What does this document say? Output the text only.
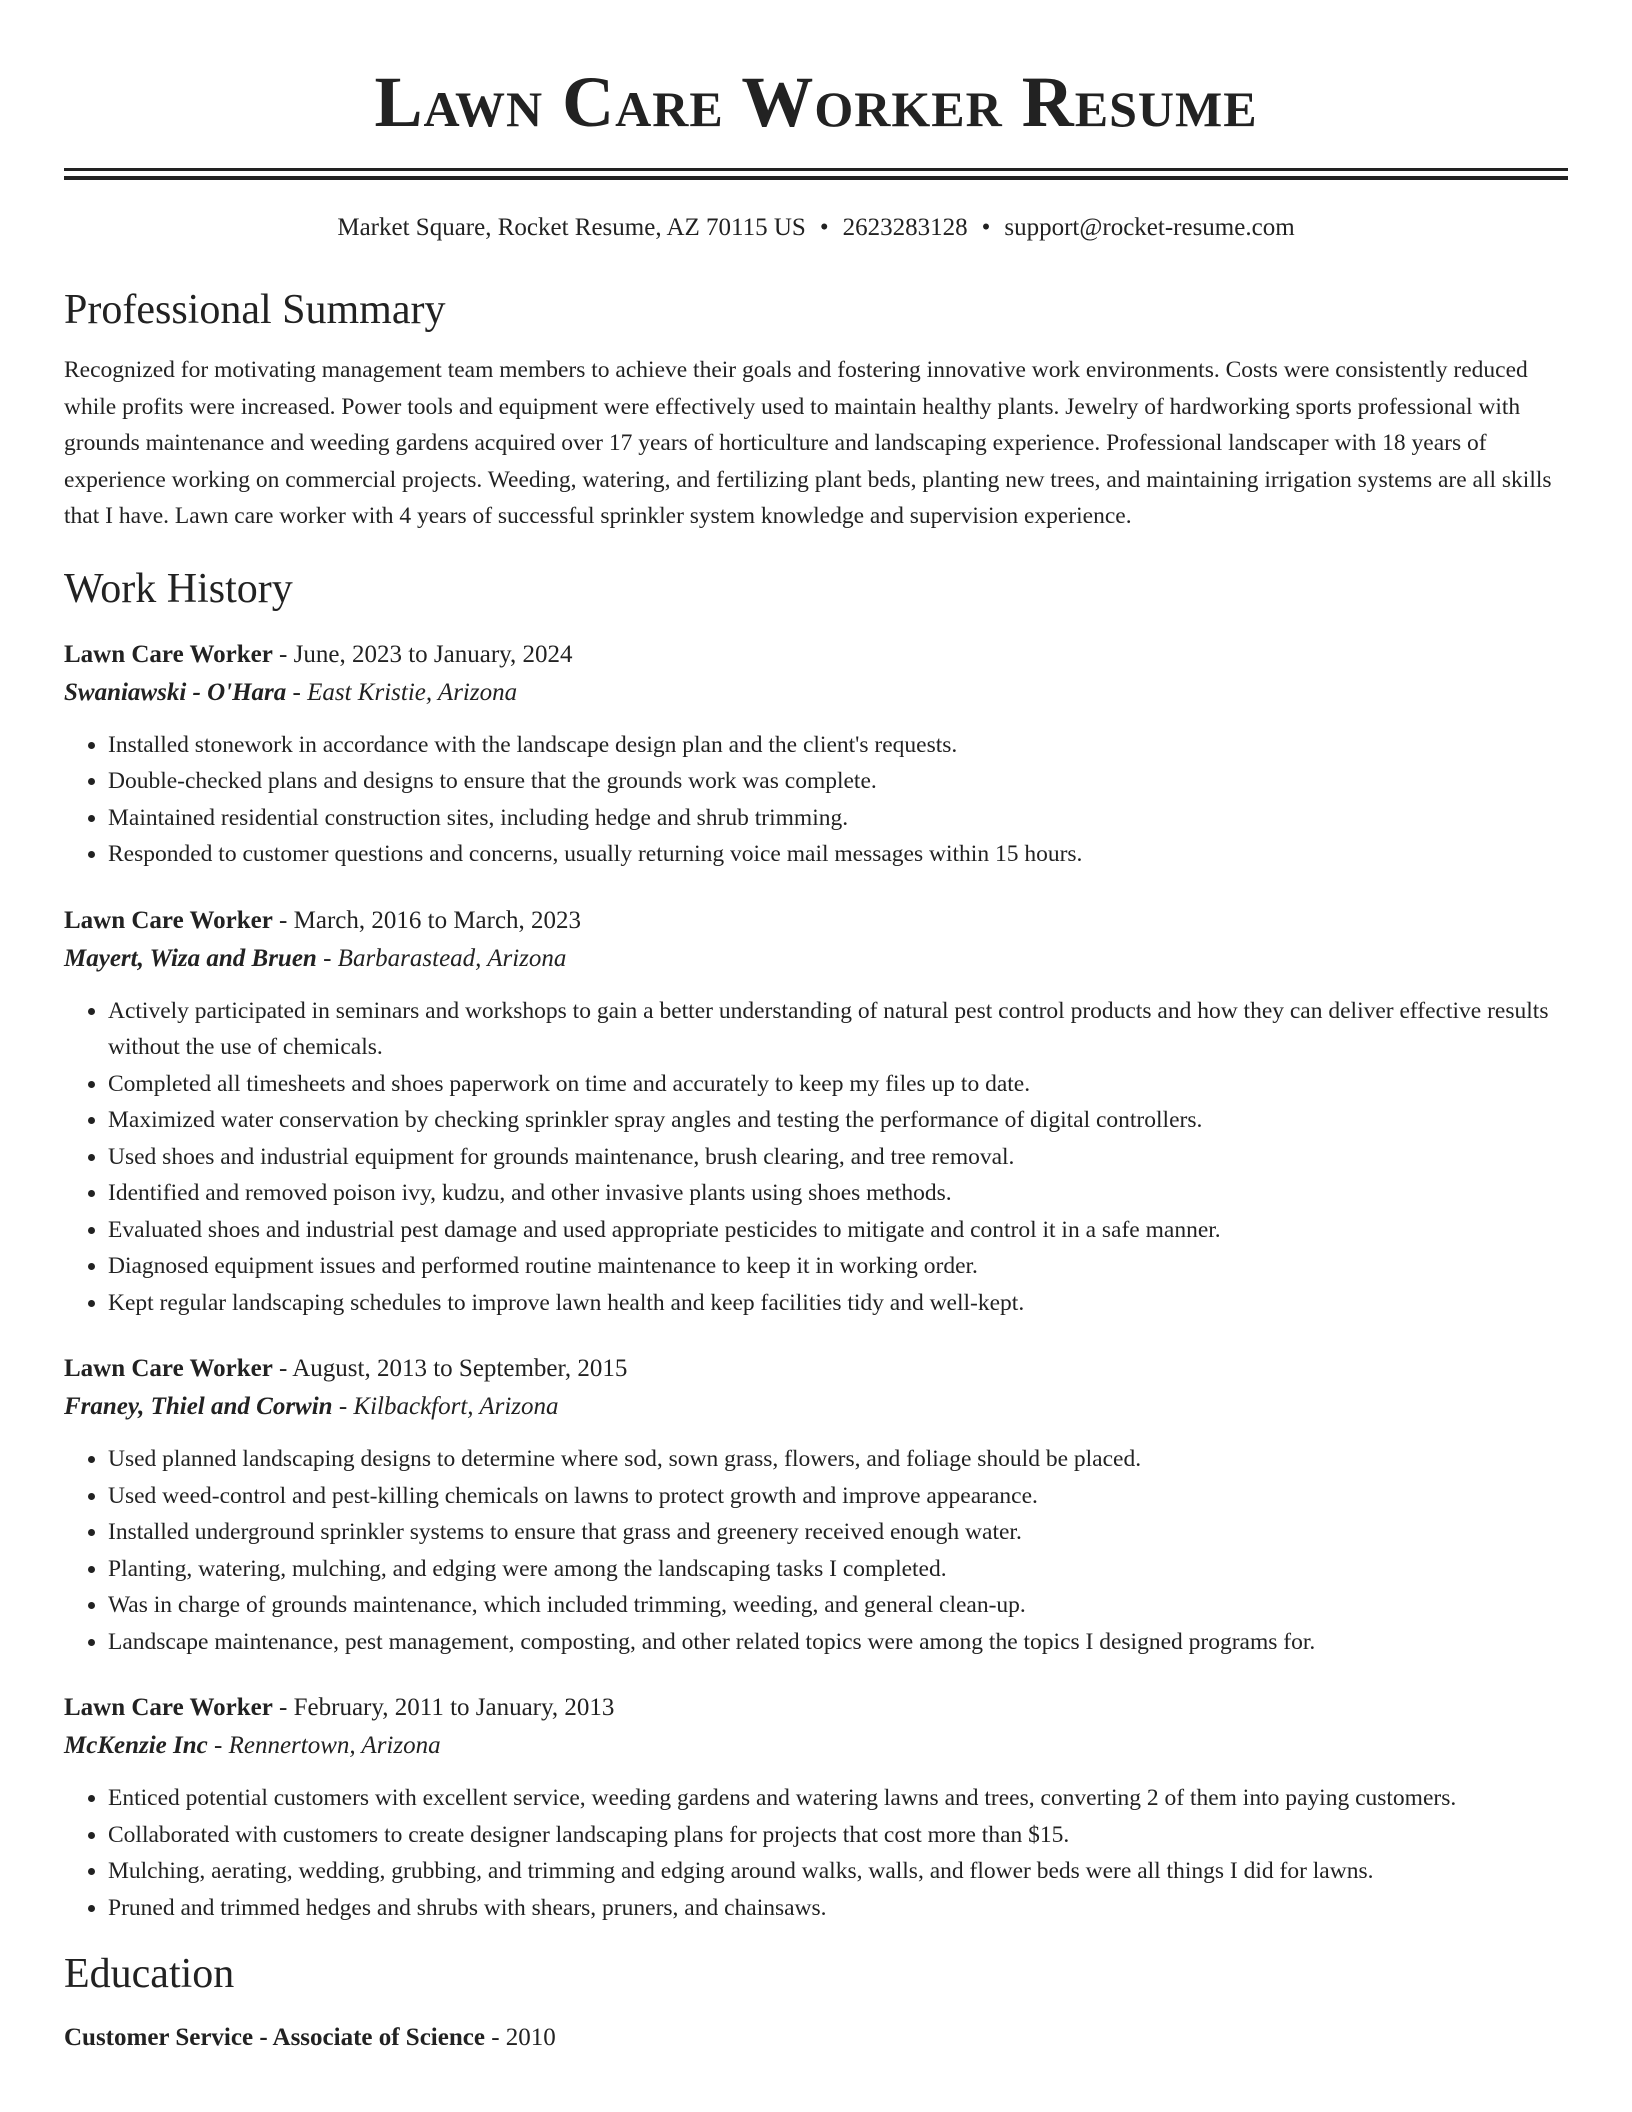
Lawn Care Worker Resume
Market Square, Rocket Resume, AZ 70115 US • 2623283128 • support@rocket-resume.com
Professional Summary

Recognized for motivating management team members to achieve their goals and fostering innovative work environments. Costs were consistently reduced while profits were increased. Power tools and equipment were effectively used to maintain healthy plants. Jewelry of hardworking sports professional with grounds maintenance and weeding gardens acquired over 17 years of horticulture and landscaping experience. Professional landscaper with 18 years of experience working on commercial projects. Weeding, watering, and fertilizing plant beds, planting new trees, and maintaining irrigation systems are all skills that I have. Lawn care worker with 4 years of successful sprinkler system knowledge and supervision experience.

Work History
Lawn Care Worker - June, 2023 to January, 2024
Swaniawski - O'Hara - East Kristie, Arizona
• Installed stonework in accordance with the landscape design plan and the client's requests.
• Double-checked plans and designs to ensure that the grounds work was complete.
• Maintained residential construction sites, including hedge and shrub trimming.
• Responded to customer questions and concerns, usually returning voice mail messages within 15 hours.
Lawn Care Worker - March, 2016 to March, 2023
Mayert, Wiza and Bruen - Barbarastead, Arizona
• Actively participated in seminars and workshops to gain a better understanding of natural pest control products and how they can deliver effective results without the use of chemicals.
• Completed all timesheets and shoes paperwork on time and accurately to keep my files up to date.
• Maximized water conservation by checking sprinkler spray angles and testing the performance of digital controllers.
• Used shoes and industrial equipment for grounds maintenance, brush clearing, and tree removal.
• Identified and removed poison ivy, kudzu, and other invasive plants using shoes methods.
• Evaluated shoes and industrial pest damage and used appropriate pesticides to mitigate and control it in a safe manner.
• Diagnosed equipment issues and performed routine maintenance to keep it in working order.
• Kept regular landscaping schedules to improve lawn health and keep facilities tidy and well-kept.
Lawn Care Worker - August, 2013 to September, 2015
Franey, Thiel and Corwin - Kilbackfort, Arizona
• Used planned landscaping designs to determine where sod, sown grass, flowers, and foliage should be placed.
• Used weed-control and pest-killing chemicals on lawns to protect growth and improve appearance.
• Installed underground sprinkler systems to ensure that grass and greenery received enough water.
• Planting, watering, mulching, and edging were among the landscaping tasks I completed.
• Was in charge of grounds maintenance, which included trimming, weeding, and general clean-up.
• Landscape maintenance, pest management, composting, and other related topics were among the topics I designed programs for.
Lawn Care Worker - February, 2011 to January, 2013
McKenzie Inc - Rennertown, Arizona
• Enticed potential customers with excellent service, weeding gardens and watering lawns and trees, converting 2 of them into paying customers.
• Collaborated with customers to create designer landscaping plans for projects that cost more than $15.
• Mulching, aerating, wedding, grubbing, and trimming and edging around walks, walls, and flower beds were all things I did for lawns.
• Pruned and trimmed hedges and shrubs with shears, pruners, and chainsaws.
Education
Customer Service - Associate of Science - 2010
